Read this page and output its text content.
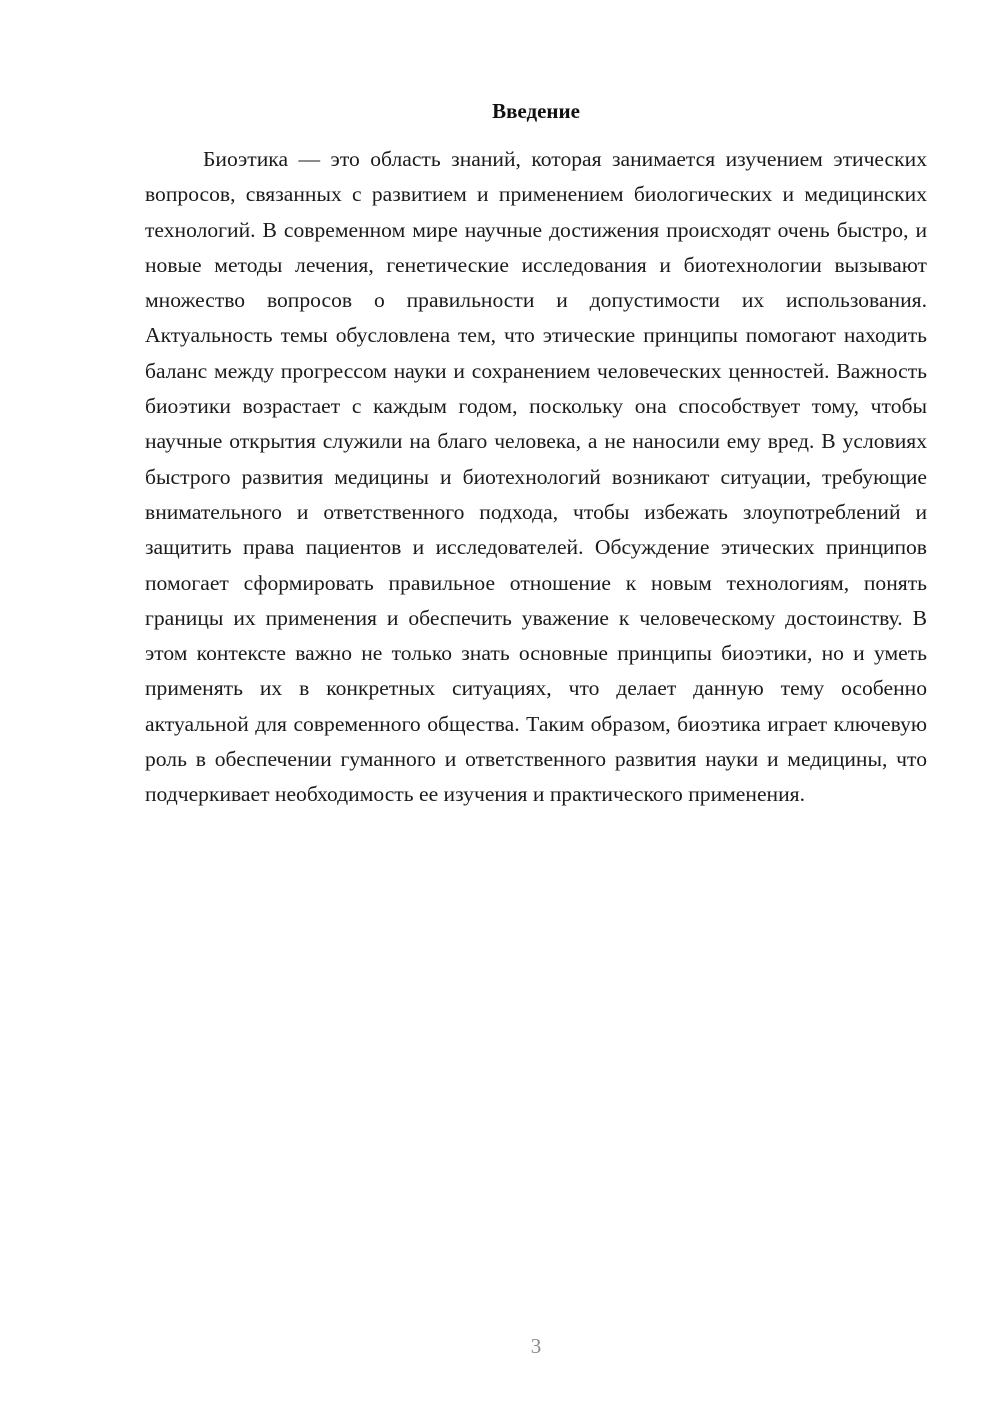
Введение

Биоэтика — это область знаний, которая занимается изучением этических вопросов, связанных с развитием и применением биологических и медицинских технологий. В современном мире научные достижения происходят очень быстро, и новые методы лечения, генетические исследования и биотехнологии вызывают множество вопросов о правильности и допустимости их использования. Актуальность темы обусловлена тем, что этические принципы помогают находить баланс между прогрессом науки и сохранением человеческих ценностей. Важность биоэтики возрастает с каждым годом, поскольку она способствует тому, чтобы научные открытия служили на благо человека, а не наносили ему вред. В условиях быстрого развития медицины и биотехнологий возникают ситуации, требующие внимательного и ответственного подхода, чтобы избежать злоупотреблений и защитить права пациентов и исследователей. Обсуждение этических принципов помогает сформировать правильное отношение к новым технологиям, понять границы их применения и обеспечить уважение к человеческому достоинству. В этом контексте важно не только знать основные принципы биоэтики, но и уметь применять их в конкретных ситуациях, что делает данную тему особенно актуальной для современного общества. Таким образом, биоэтика играет ключевую роль в обеспечении гуманного и ответственного развития науки и медицины, что подчеркивает необходимость ее изучения и практического применения.

3
